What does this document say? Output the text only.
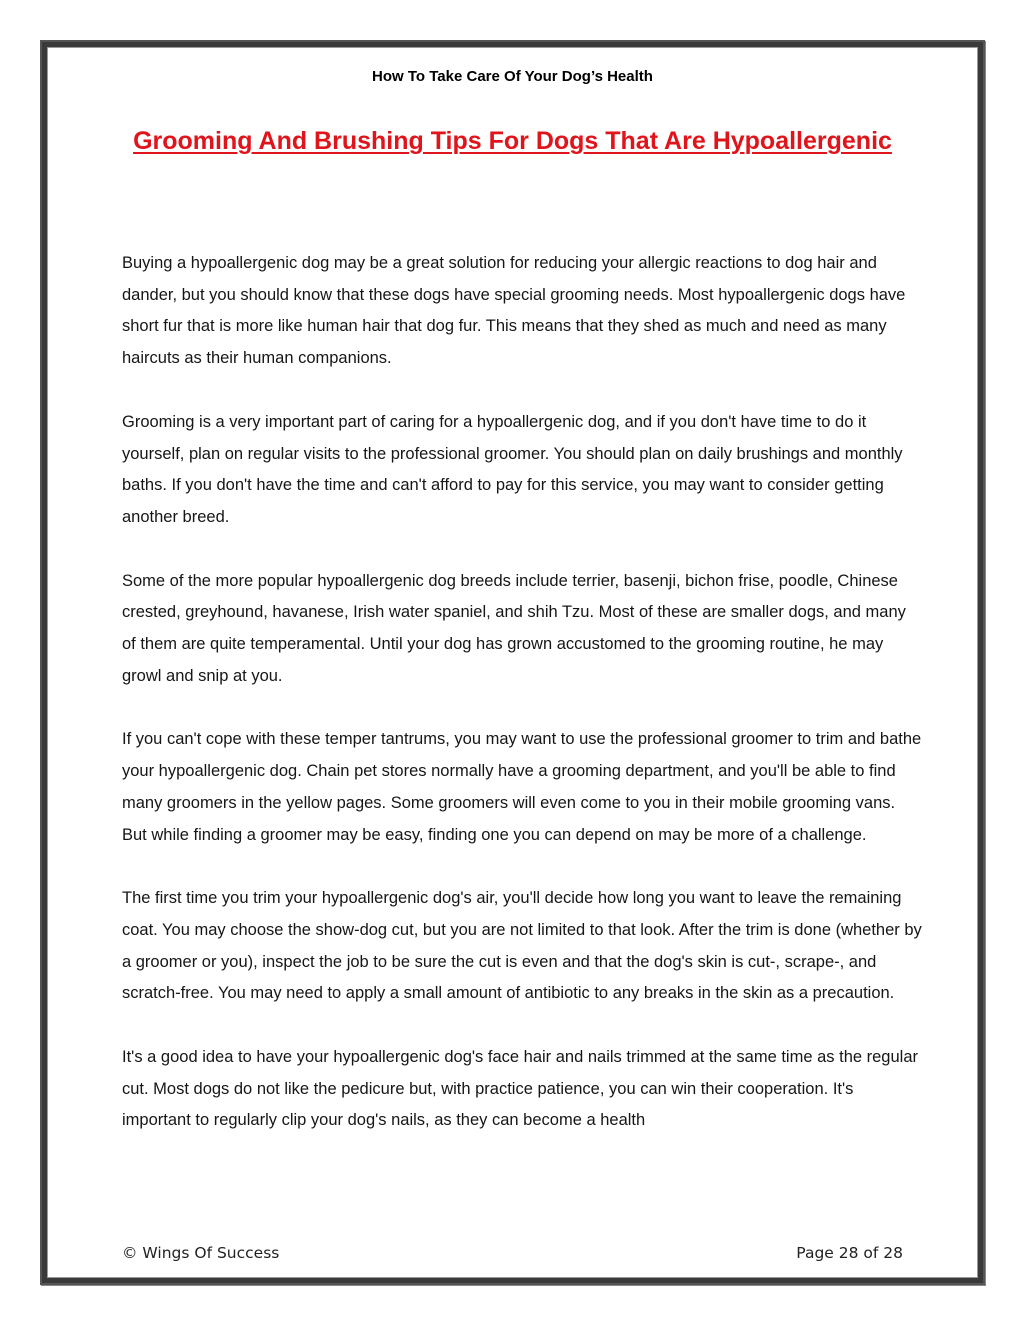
How To Take Care Of Your Dog’s Health
Grooming And Brushing Tips For Dogs That Are Hypoallergenic

Buying a hypoallergenic dog may be a great solution for reducing your allergic reactions to dog hair and dander, but you should know that these dogs have special grooming needs. Most hypoallergenic dogs have short fur that is more like human hair that dog fur. This means that they shed as much and need as many haircuts as their human companions.

Grooming is a very important part of caring for a hypoallergenic dog, and if you don't have time to do it yourself, plan on regular visits to the professional groomer. You should plan on daily brushings and monthly baths. If you don't have the time and can't afford to pay for this service, you may want to consider getting another breed.

Some of the more popular hypoallergenic dog breeds include terrier, basenji, bichon frise, poodle, Chinese crested, greyhound, havanese, Irish water spaniel, and shih Tzu. Most of these are smaller dogs, and many of them are quite temperamental. Until your dog has grown accustomed to the grooming routine, he may growl and snip at you.

If you can't cope with these temper tantrums, you may want to use the professional groomer to trim and bathe your hypoallergenic dog. Chain pet stores normally have a grooming department, and you'll be able to find many groomers in the yellow pages. Some groomers will even come to you in their mobile grooming vans. But while finding a groomer may be easy, finding one you can depend on may be more of a challenge.

The first time you trim your hypoallergenic dog's air, you'll decide how long you want to leave the remaining coat. You may choose the show-dog cut, but you are not limited to that look. After the trim is done (whether by a groomer or you), inspect the job to be sure the cut is even and that the dog's skin is cut-, scrape-, and scratch-free. You may need to apply a small amount of antibiotic to any breaks in the skin as a precaution.

It's a good idea to have your hypoallergenic dog's face hair and nails trimmed at the same time as the regular cut. Most dogs do not like the pedicure but, with practice patience, you can win their cooperation. It's important to regularly clip your dog's nails, as they can become a health

© Wings Of Success	Page 28 of 28
